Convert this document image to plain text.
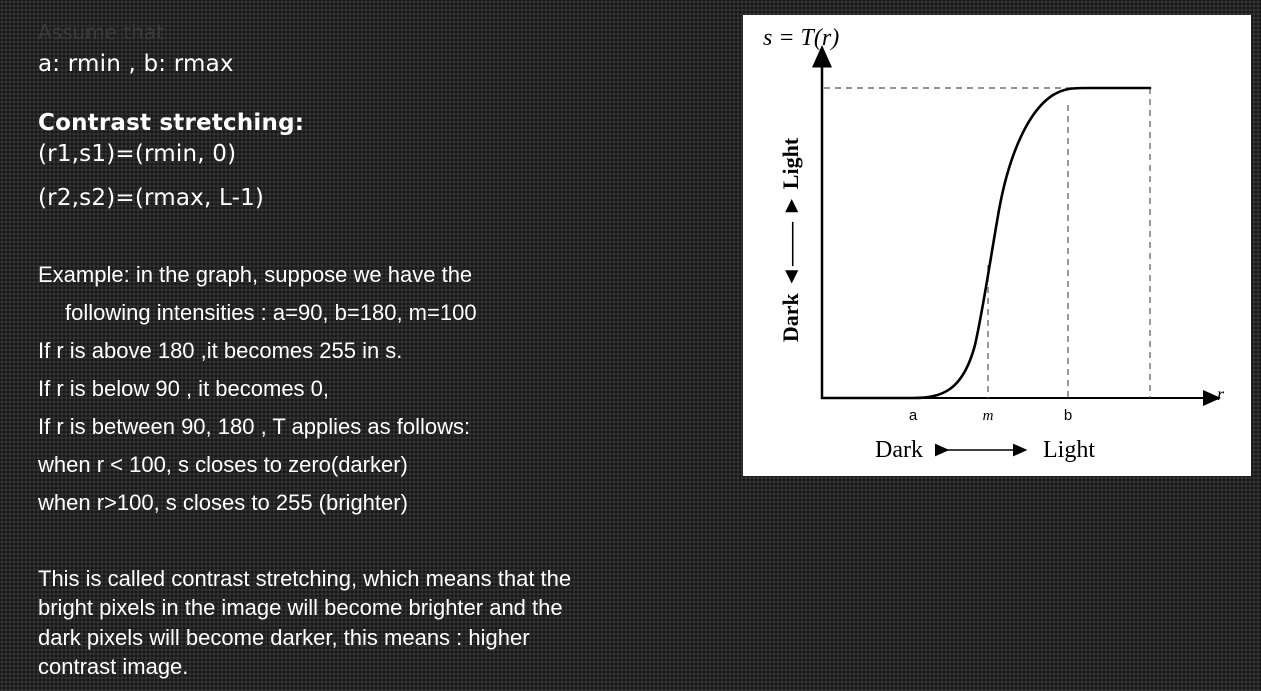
Assume that
a: rmin , b: rmax
Contrast stretching:
(r1,s1)=(rmin, 0)
(r2,s2)=(rmax, L-1)
Example: in the graph, suppose we have the
following intensities : a=90, b=180, m=100
If r is above 180 ,it becomes 255 in s.
If r is below 90 , it becomes 0,
If r is between 90, 180 , T applies as follows:
when r < 100, s closes to zero(darker)
when r>100, s closes to 255 (brighter)
This is called contrast stretching, which means that the
bright pixels in the image will become brighter and the
dark pixels will become darker, this means : higher
contrast image.
s = T(r)
r
a	m	b
Dark	Light
Dark ◄—— ► Light
